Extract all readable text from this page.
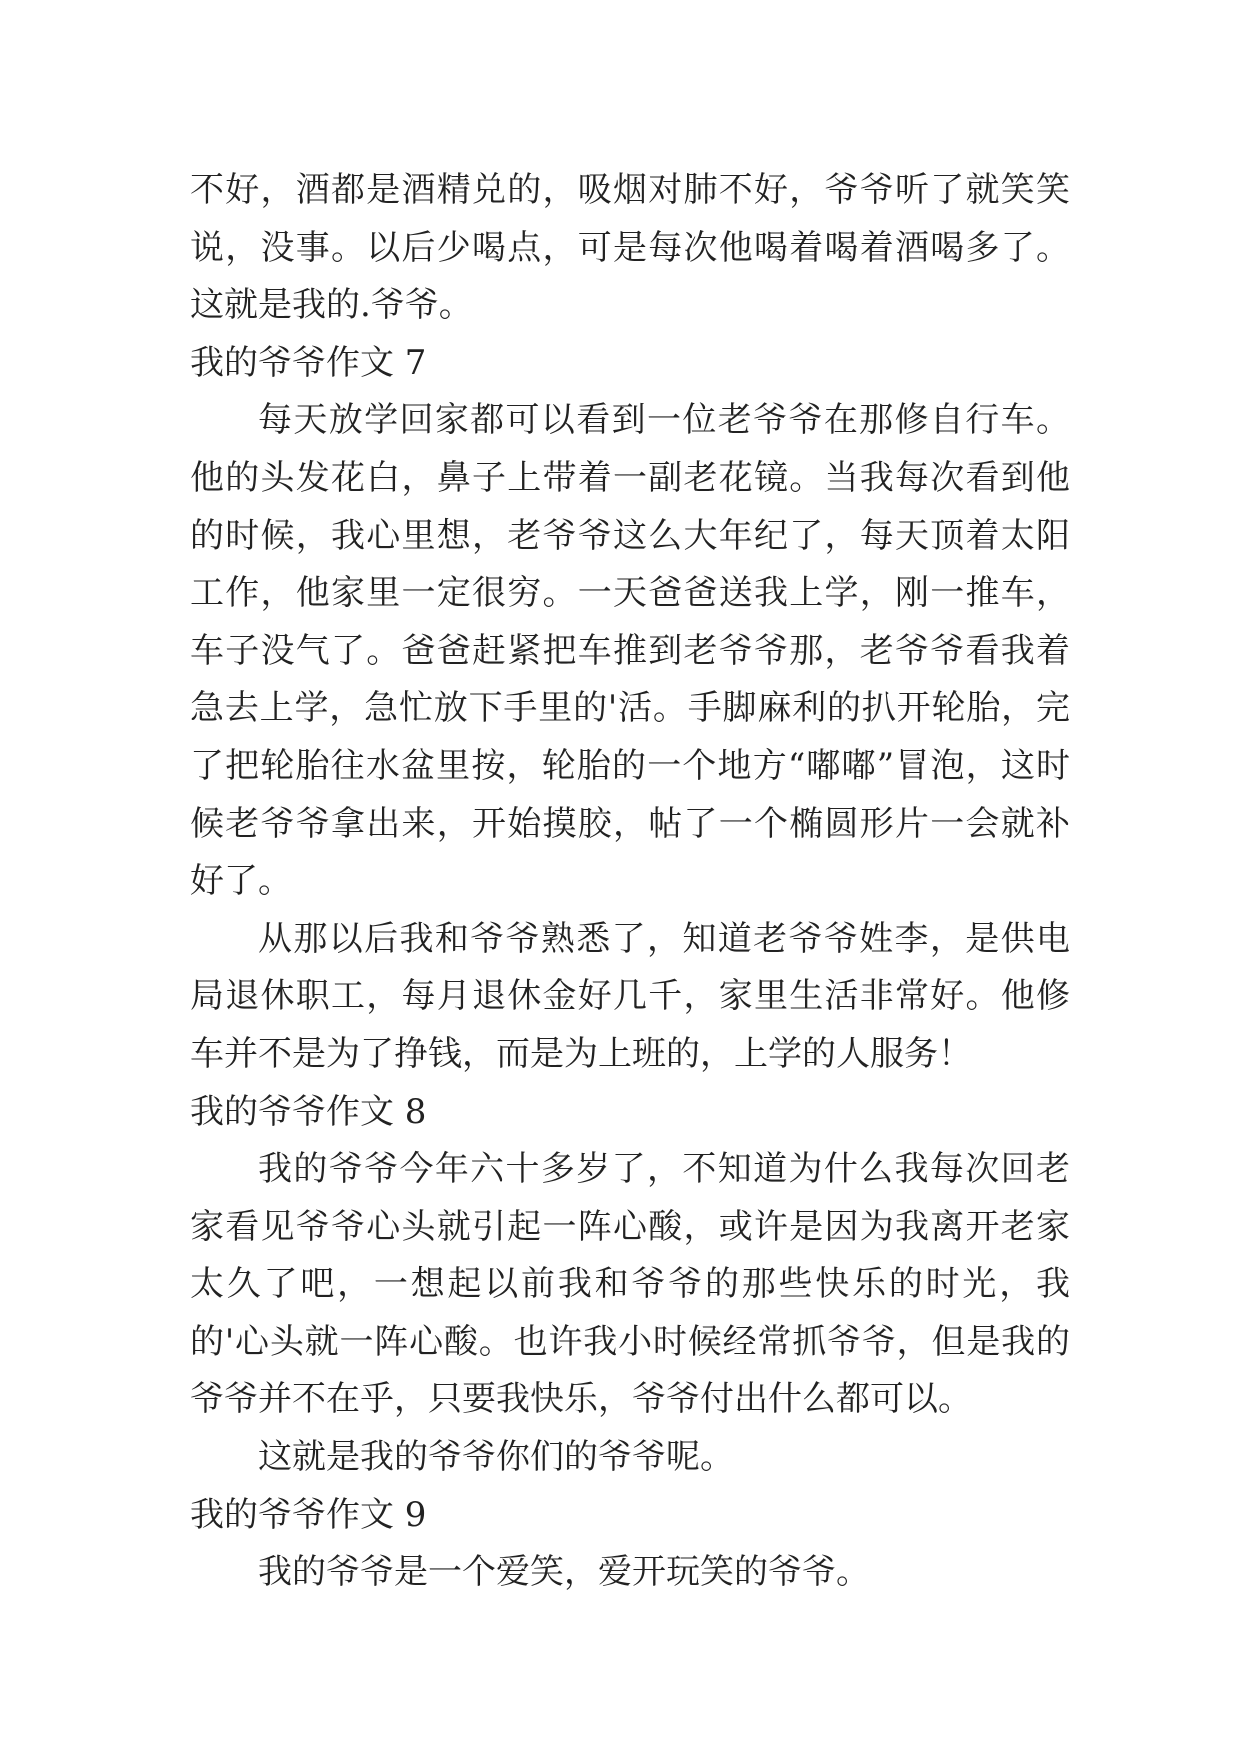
不好，酒都是酒精兑的，吸烟对肺不好，爷爷听了就笑笑说，没事。以后少喝点，可是每次他喝着喝着酒喝多了。这就是我的.爷爷。

我的爷爷作文 7

每天放学回家都可以看到一位老爷爷在那修自行车。他的头发花白，鼻子上带着一副老花镜。当我每次看到他的时候，我心里想，老爷爷这么大年纪了，每天顶着太阳工作，他家里一定很穷。一天爸爸送我上学，刚一推车，车子没气了。爸爸赶紧把车推到老爷爷那，老爷爷看我着急去上学，急忙放下手里的'活。手脚麻利的扒开轮胎，完了把轮胎往水盆里按，轮胎的一个地方“嘟嘟”冒泡，这时候老爷爷拿出来，开始摸胶，帖了一个椭圆形片一会就补好了。

从那以后我和爷爷熟悉了，知道老爷爷姓李，是供电局退休职工，每月退休金好几千，家里生活非常好。他修车并不是为了挣钱，而是为上班的，上学的人服务！

我的爷爷作文 8

我的爷爷今年六十多岁了，不知道为什么我每次回老家看见爷爷心头就引起一阵心酸，或许是因为我离开老家太久了吧，一想起以前我和爷爷的那些快乐的时光，我的'心头就一阵心酸。也许我小时候经常抓爷爷，但是我的爷爷并不在乎，只要我快乐，爷爷付出什么都可以。

这就是我的爷爷你们的爷爷呢。

我的爷爷作文 9

我的爷爷是一个爱笑，爱开玩笑的爷爷。
